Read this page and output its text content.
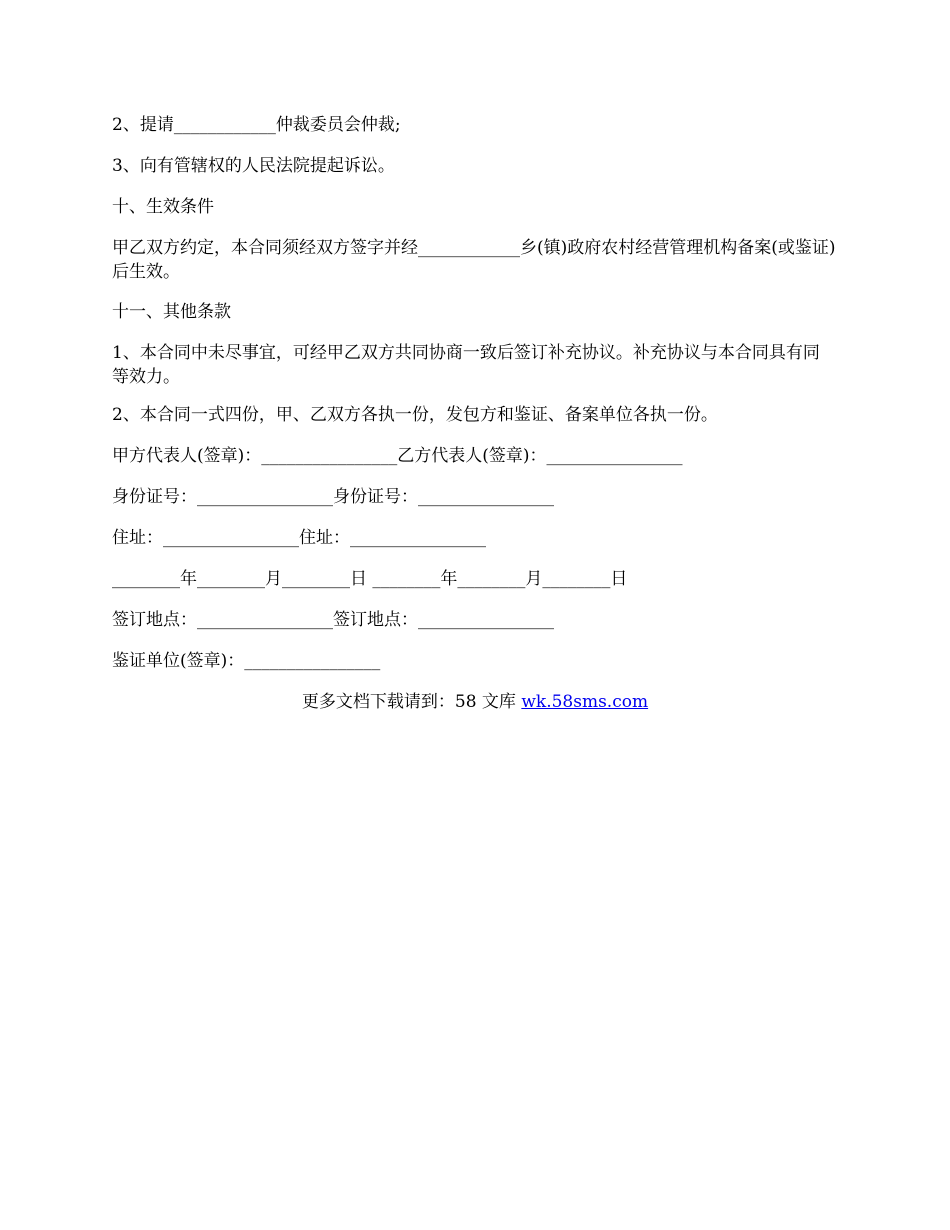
2、提请____________仲裁委员会仲裁;
3、向有管辖权的人民法院提起诉讼。
十、生效条件
甲乙双方约定，本合同须经双方签字并经____________乡(镇)政府农村经营管理机构备案(或鉴证)后生效。
十一、其他条款
1、本合同中未尽事宜，可经甲乙双方共同协商一致后签订补充协议。补充协议与本合同具有同等效力。
2、本合同一式四份，甲、乙双方各执一份，发包方和鉴证、备案单位各执一份。
甲方代表人(签章)：________________乙方代表人(签章)：________________
身份证号：________________身份证号：________________
住址：________________住址：________________
________年________月________日 ________年________月________日
签订地点：________________签订地点：________________
鉴证单位(签章)：________________
更多文档下载请到：58 文库 wk.58sms.com
